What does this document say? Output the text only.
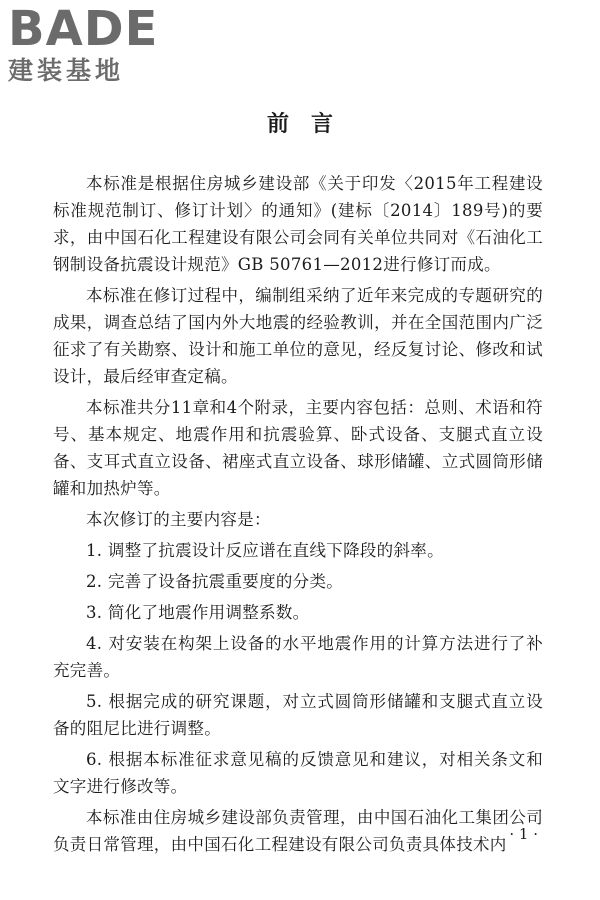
BADE
建装基地
前言

本标准是根据住房城乡建设部《关于印发〈2015年工程建设标准规范制订、修订计划〉的通知》(建标〔2014〕189号)的要求，由中国石化工程建设有限公司会同有关单位共同对《石油化工钢制设备抗震设计规范》GB 50761—2012进行修订而成。

本标准在修订过程中，编制组采纳了近年来完成的专题研究的成果，调查总结了国内外大地震的经验教训，并在全国范围内广泛征求了有关勘察、设计和施工单位的意见，经反复讨论、修改和试设计，最后经审查定稿。

本标准共分11章和4个附录，主要内容包括：总则、术语和符号、基本规定、地震作用和抗震验算、卧式设备、支腿式直立设备、支耳式直立设备、裙座式直立设备、球形储罐、立式圆筒形储罐和加热炉等。

本次修订的主要内容是：

1. 调整了抗震设计反应谱在直线下降段的斜率。

2. 完善了设备抗震重要度的分类。

3. 简化了地震作用调整系数。

4. 对安装在构架上设备的水平地震作用的计算方法进行了补充完善。

5. 根据完成的研究课题，对立式圆筒形储罐和支腿式直立设备的阻尼比进行调整。

6. 根据本标准征求意见稿的反馈意见和建议，对相关条文和文字进行修改等。

本标准由住房城乡建设部负责管理，由中国石油化工集团公司负责日常管理，由中国石化工程建设有限公司负责具体技术内

· 1 ·
